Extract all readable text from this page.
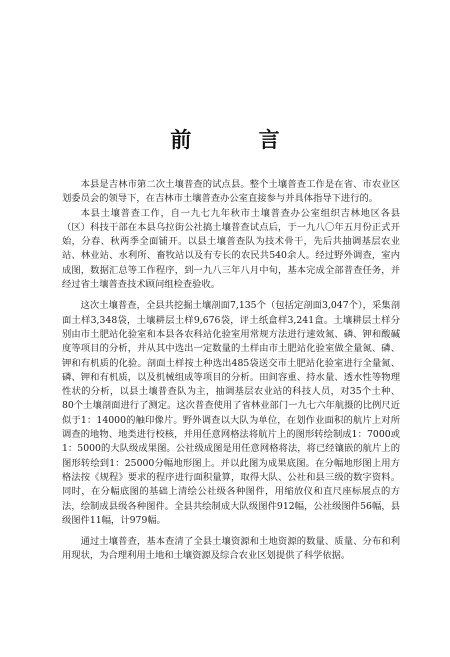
前 言

本县是吉林市第二次土壤普查的试点县。整个土壤普查工作是在省、市农业区划委员会的领导下，在吉林市土壤普查办公室直接参与并具体指导下进行的。

本县土壤普查工作，自一九七九年秋市土壤普查办公室组织吉林地区各县（区）科技干部在本县乌拉街公社搞土壤普查试点后，于一九八〇年五月份正式开始，分春、秋两季全面铺开。以县土壤普查队为技术骨干，先后共抽调基层农业站、林业站、水利所、畜牧站以及有专长的农民共540余人。经过野外调查，室内成图，数据汇总等工作程序，到一九八三年八月中旬，基本完成全部普查任务，并经过省土壤普查技术顾问组检查验收。

这次土壤普查，全县共挖掘土壤剖面7,135个（包括定剖面3,047个），采集剖面土样3,348袋，土壤耕层土样9,676袋，评土纸盒样3,241盒。土壤耕层土样分别由市土肥站化验室和本县各农科站化验室用常规方法进行速效氮、磷、钾和酸碱度等项目的分析，并从其中选出一定数量的土样由市土肥站化验室做全量氮、磷、钾和有机质的化验。剖面土样按土种选出485袋送交市土肥站化验室进行全量氮、磷、钾和有机质，以及机械组成等项目的分析。田间容重、持水量、透水性等物理性状的分析，以县土壤普查队为主，抽调基层农业站的科技人员，对35个土种、80个土壤剖面进行了测定。这次普查使用了省林业部门一九七六年航摄的比例尺近似于1：14000的触印像片。野外调查以大队为单位，在划作业面积的航片上对所调查的地物、地类进行校核，并用任意网格法将航片上的图形转绘制成1：7000或1：5000的大队级成果图。公社级成图是用任意网格将法，将已经镶嵌的航片上的图形转绘到1：25000分幅地形图上。并以此图为成果底图。在分幅地形图上用方格法按《规程》要求的程序进行面积量算，取得大队、公社和县三级的数字资料。同时，在分幅底图的基础上清绘公社级各种图件，用缩放仪和直尺座标展点的方法，绘制成县级各种图件。全县共绘制成大队级图件912幅，公社级图件56幅，县级图件11幅，计979幅。

通过土壤普查，基本查清了全县土壤资源和土地资源的数量、质量、分布和利用现状，为合理利用土地和土壤资源及综合农业区划提供了科学依据。
